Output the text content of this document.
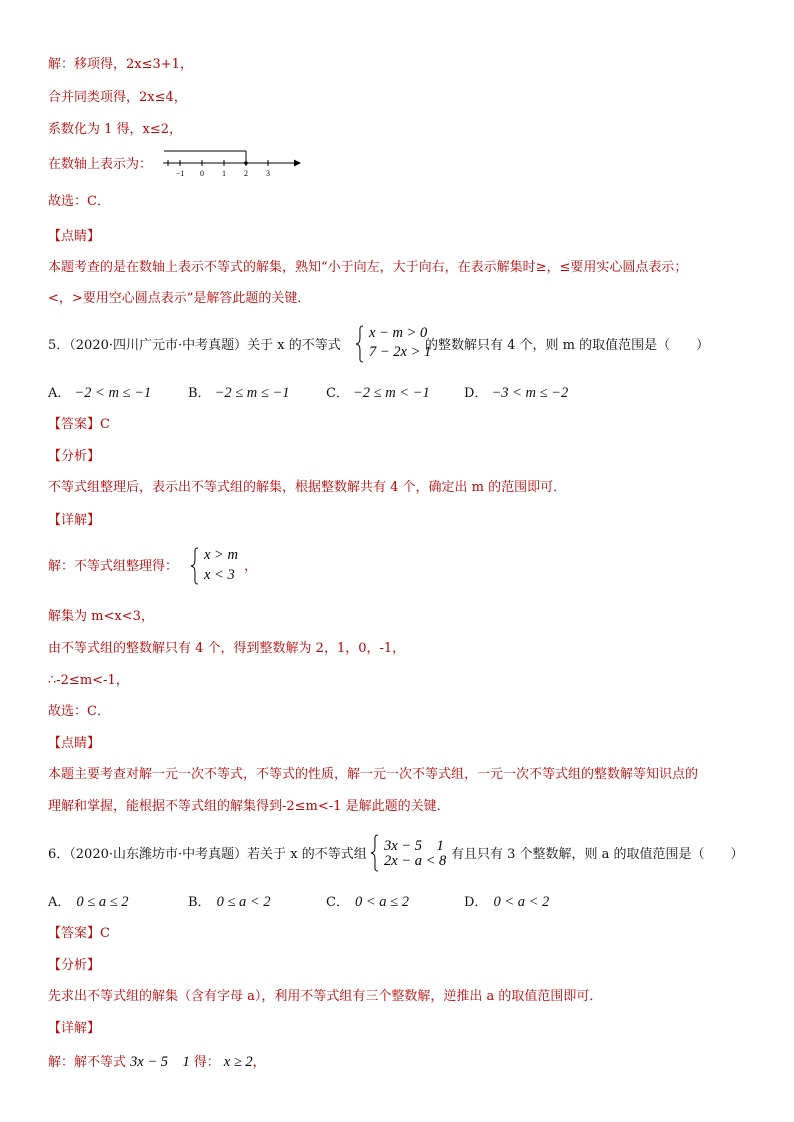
解：移项得，2x≤3+1，
合并同类项得，2x≤4，
系数化为 1 得，x≤2，
在数轴上表示为：
−1 0 1 2 3
故选：C．
【点睛】
本题考查的是在数轴上表示不等式的解集，熟知“小于向左，大于向右，在表示解集时≥，≤要用实心圆点表示；
<，>要用空心圆点表示”是解答此题的关键．
5．（2020·四川广元市·中考真题）关于 x 的不等式
x − m > 0
7 − 2x > 1
的整数解只有 4 个，则 m 的取值范围是（　　）
A． −2 < m ≤ −1	B． −2 ≤ m ≤ −1	C． −2 ≤ m < −1	D． −3 < m ≤ −2
【答案】C
【分析】
不等式组整理后，表示出不等式组的解集，根据整数解共有 4 个，确定出 m 的范围即可．
【详解】
解：不等式组整理得：
x > m
x < 3
，
解集为 m<x<3，
由不等式组的整数解只有 4 个，得到整数解为 2，1，0，-1，
∴-2≤m<-1，
故选：C．
【点睛】
本题主要考查对解一元一次不等式，不等式的性质，解一元一次不等式组，一元一次不等式组的整数解等知识点的
理解和掌握，能根据不等式组的解集得到-2≤m<-1 是解此题的关键．
6．（2020·山东潍坊市·中考真题）若关于 x 的不等式组
3x − 5　1
2x − a < 8 有且只有 3 个整数解，则 a 的取值范围是（　　）
A． 0 ≤ a ≤ 2	B． 0 ≤ a < 2	C． 0 < a ≤ 2	D． 0 < a < 2
【答案】C
【分析】
先求出不等式组的解集（含有字母 a），利用不等式组有三个整数解，逆推出 a 的取值范围即可．
【详解】
解：解不等式 3x − 5　1 得： x ≥ 2，
